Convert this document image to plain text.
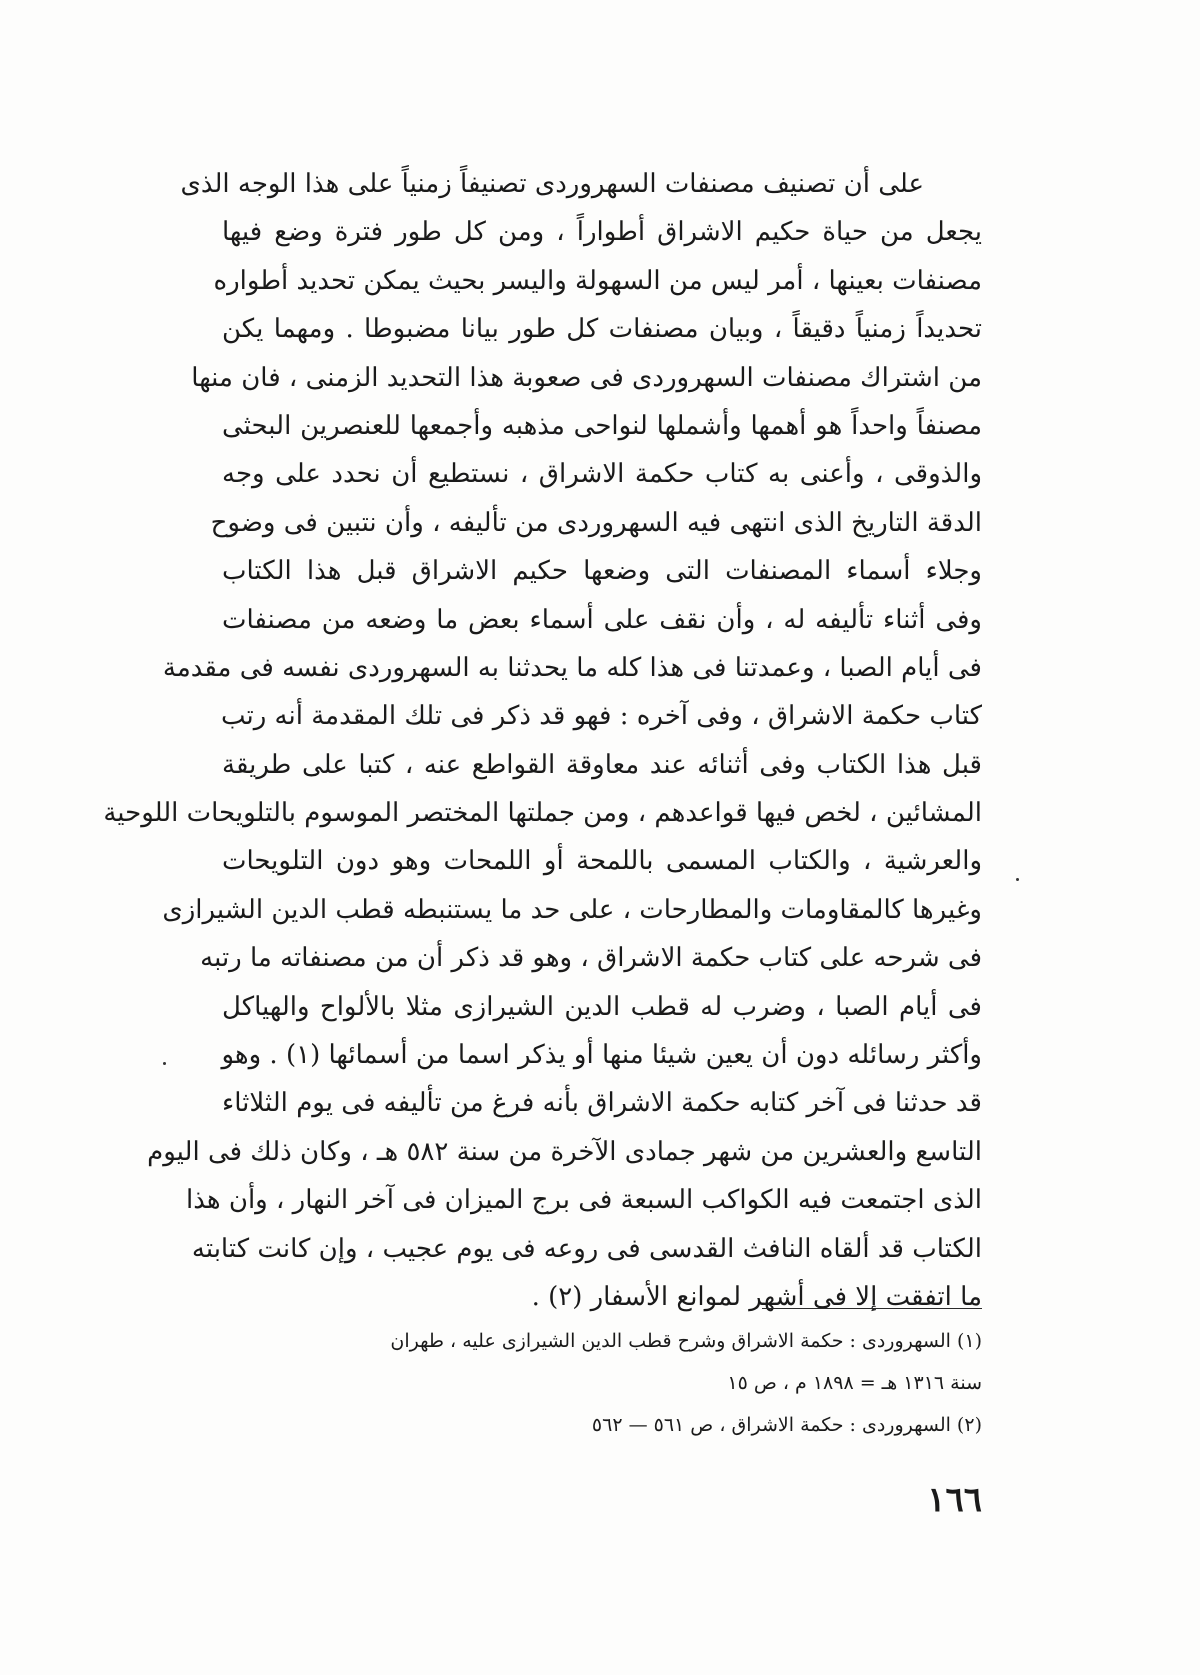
على أن تصنيف مصنفات السهروردى تصنيفاً زمنياً على هذا الوجه الذى
يجعل من حياة حكيم الاشراق أطواراً ، ومن كل طور فترة وضع فيها
مصنفات بعينها ، أمر ليس من السهولة واليسر بحيث يمكن تحديد أطواره
تحديداً زمنياً دقيقاً ، وبيان مصنفات كل طور بيانا مضبوطا . ومهما يكن
من اشتراك مصنفات السهروردى فى صعوبة هذا التحديد الزمنى ، فان منها
مصنفاً واحداً هو أهمها وأشملها لنواحى مذهبه وأجمعها للعنصرين البحثى
والذوقى ، وأعنى به كتاب حكمة الاشراق ، نستطيع أن نحدد على وجه
الدقة التاريخ الذى انتهى فيه السهروردى من تأليفه ، وأن نتبين فى وضوح
وجلاء أسماء المصنفات التى وضعها حكيم الاشراق قبل هذا الكتاب
وفى أثناء تأليفه له ، وأن نقف على أسماء بعض ما وضعه من مصنفات
فى أيام الصبا ، وعمدتنا فى هذا كله ما يحدثنا به السهروردى نفسه فى مقدمة
كتاب حكمة الاشراق ، وفى آخره : فهو قد ذكر فى تلك المقدمة أنه رتب
قبل هذا الكتاب وفى أثنائه عند معاوقة القواطع عنه ، كتبا على طريقة
المشائين ، لخص فيها قواعدهم ، ومن جملتها المختصر الموسوم بالتلويحات اللوحية
والعرشية ، والكتاب المسمى باللمحة أو اللمحات وهو دون التلويحات
وغيرها كالمقاومات والمطارحات ، على حد ما يستنبطه قطب الدين الشيرازى
فى شرحه على كتاب حكمة الاشراق ، وهو قد ذكر أن من مصنفاته ما رتبه
فى أيام الصبا ، وضرب له قطب الدين الشيرازى مثلا بالألواح والهياكل
وأكثر رسائله دون أن يعين شيئا منها أو يذكر اسما من أسمائها (١) . وهو
قد حدثنا فى آخر كتابه حكمة الاشراق بأنه فرغ من تأليفه فى يوم الثلاثاء
التاسع والعشرين من شهر جمادى الآخرة من سنة ٥٨٢ هـ ، وكان ذلك فى اليوم
الذى اجتمعت فيه الكواكب السبعة فى برج الميزان فى آخر النهار ، وأن هذا
الكتاب قد ألقاه النافث القدسى فى روعه فى يوم عجيب ، وإن كانت كتابته
ما اتفقت إلا فى أشهر لموانع الأسفار (٢) .
(١) السهروردى : حكمة الاشراق وشرح قطب الدين الشيرازى عليه ، طهران
سنة ١٣١٦ هـ = ١٨٩٨ م ، ص ١٥
(٢) السهروردى : حكمة الاشراق ، ص ٥٦١ — ٥٦٢
١٦٦
